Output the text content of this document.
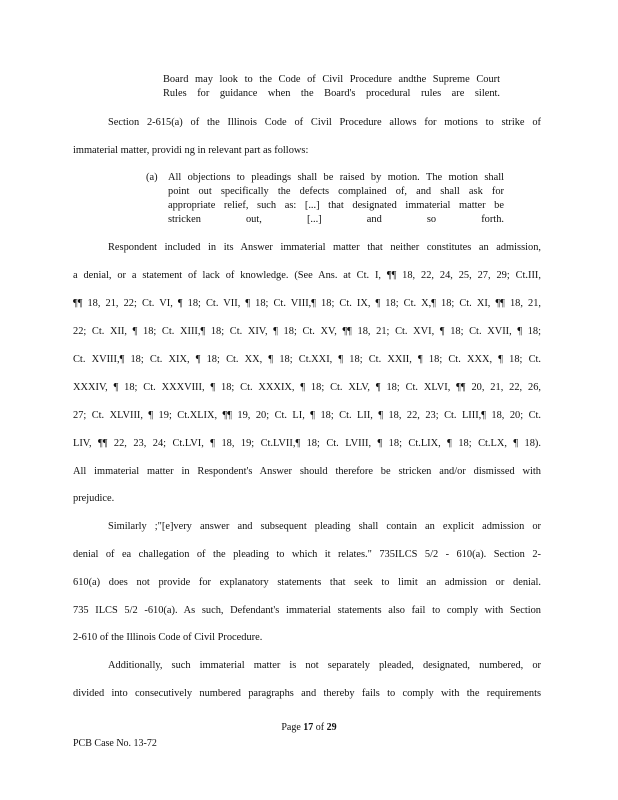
Board may look to the Code of Civil Procedure andthe Supreme Court

Rules for guidance when the Board's procedural rules are silent.

Section 2-615(a) of the Illinois Code of Civil Procedure allows for motions to strike of

immaterial matter, providi ng in relevant part as follows:

(a) All objections to pleadings shall be raised by motion. The motion shall

point out specifically the defects complained of, and shall ask for

appropriate relief, such as: [...] that designated immaterial matter be

stricken out, [...] and so forth.

Respondent included in its Answer immaterial matter that neither constitutes an admission,

a denial, or a statement of lack of knowledge. (See Ans. at Ct. I, ¶¶ 18, 22, 24, 25, 27, 29; Ct.III,

¶¶ 18, 21, 22; Ct. VI, ¶ 18; Ct. VII, ¶ 18; Ct. VIII,¶ 18; Ct. IX, ¶ 18; Ct. X,¶ 18; Ct. XI, ¶¶ 18, 21,

22; Ct. XII, ¶ 18; Ct. XIII,¶ 18; Ct. XIV, ¶ 18; Ct. XV, ¶¶ 18, 21; Ct. XVI, ¶ 18; Ct. XVII, ¶ 18;

Ct. XVIII,¶ 18; Ct. XIX, ¶ 18; Ct. XX, ¶ 18; Ct.XXI, ¶ 18; Ct. XXII, ¶ 18; Ct. XXX, ¶ 18; Ct.

XXXIV, ¶ 18; Ct. XXXVIII, ¶ 18; Ct. XXXIX, ¶ 18; Ct. XLV, ¶ 18; Ct. XLVI, ¶¶ 20, 21, 22, 26,

27; Ct. XLVIII, ¶ 19; Ct.XLIX, ¶¶ 19, 20; Ct. LI, ¶ 18; Ct. LII, ¶ 18, 22, 23; Ct. LIII,¶ 18, 20; Ct.

LIV, ¶¶ 22, 23, 24; Ct.LVI, ¶ 18, 19; Ct.LVII,¶ 18; Ct. LVIII, ¶ 18; Ct.LIX, ¶ 18; Ct.LX, ¶ 18).

All immaterial matter in Respondent's Answer should therefore be stricken and/or dismissed with

prejudice.

Similarly ;"[e]very answer and subsequent pleading shall contain an explicit admission or

denial of ea challegation of the pleading to which it relates." 735ILCS 5/2 - 610(a). Section 2-

610(a) does not provide for explanatory statements that seek to limit an admission or denial.

735 ILCS 5/2 -610(a). As such, Defendant's immaterial statements also fail to comply with Section

2-610 of the Illinois Code of Civil Procedure.

Additionally, such immaterial matter is not separately pleaded, designated, numbered, or

divided into consecutively numbered paragraphs and thereby fails to comply with the requirements

Page 17 of 29

PCB Case No. 13-72
